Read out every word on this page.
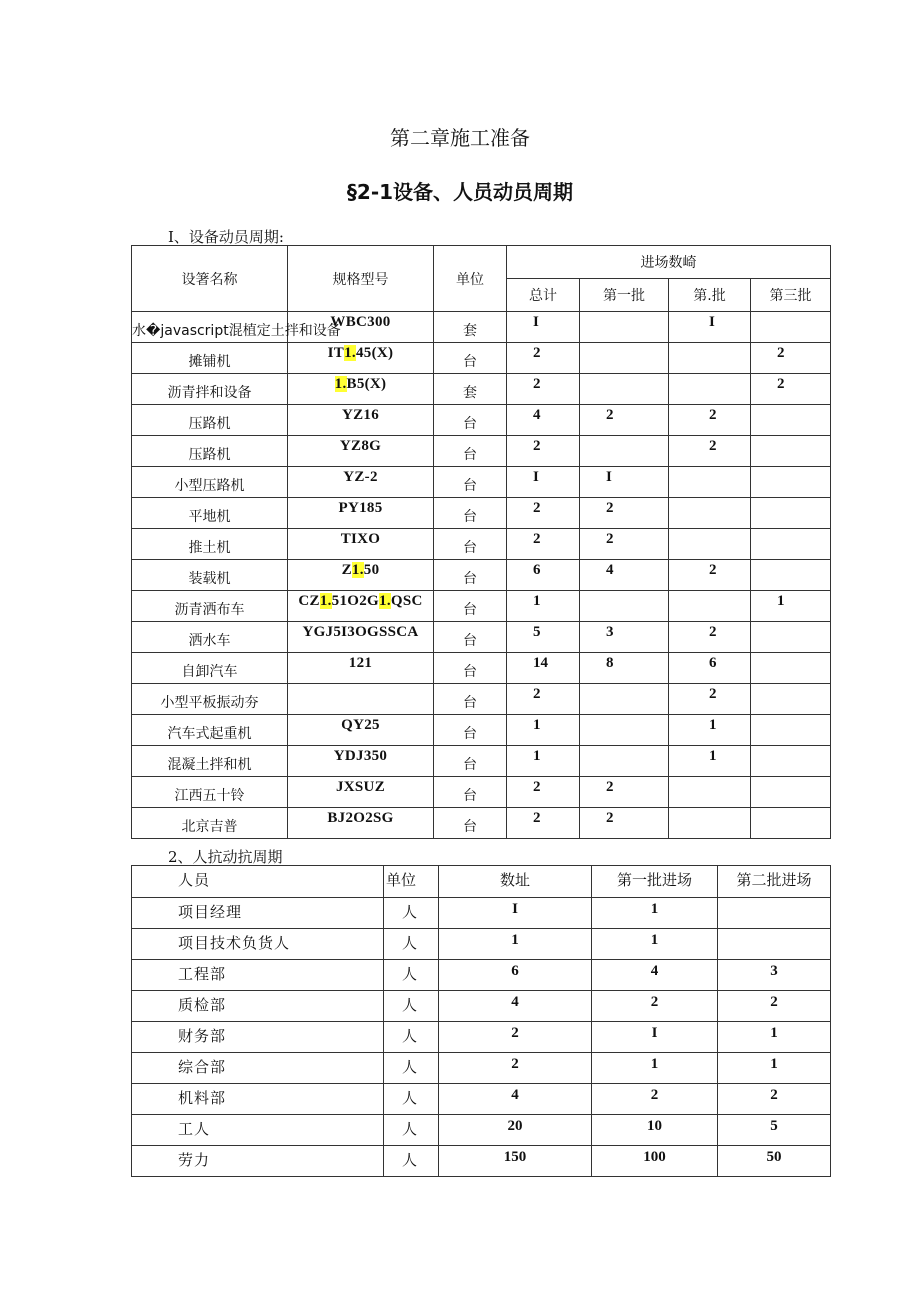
第二章施工准备
§2-1设备、人员动员周期
I、设备动员周期:
设箸名称	规格型号	单位	进场数崎			
			总计	第一批	第.批	第三批
水�javascript混植定土拌和设备	WBC300	套	I		I	
摊铺机	IT1.45(X)	台	2			2
沥青拌和设备	1.B5(X)	套	2			2
压路机	YZ16	台	4	2	2	
压路机	YZ8G	台	2		2	
小型压路机	YZ-2	台	I	I		
平地机	PY185	台	2	2		
推土机	TIXO	台	2	2		
装载机	Z1.50	台	6	4	2	
沥青洒布车	CZ1.51O2G1.QSC	台	1			1
洒水车	YGJ5I3OGSSCA	台	5	3	2	
自卸汽车	121	台	14	8	6	
小型平板振动夯		台	2		2	
汽车式起重机	QY25	台	1		1	
混凝土拌和机	YDJ350	台	1		1	
江西五十铃	JXSUZ	台	2	2		
北京吉普	BJ2O2SG	台	2	2		
2、人抗动抗周期
人员	单位	数址	第一批进场	第二批进场
项目经理	人	I	1	
项目技术负货人	人	1	1	
工程部	人	6	4	3
质检部	人	4	2	2
财务部	人	2	I	1
综合部	人	2	1	1
机料部	人	4	2	2
工人	人	20	10	5
劳力	人	150	100	50
